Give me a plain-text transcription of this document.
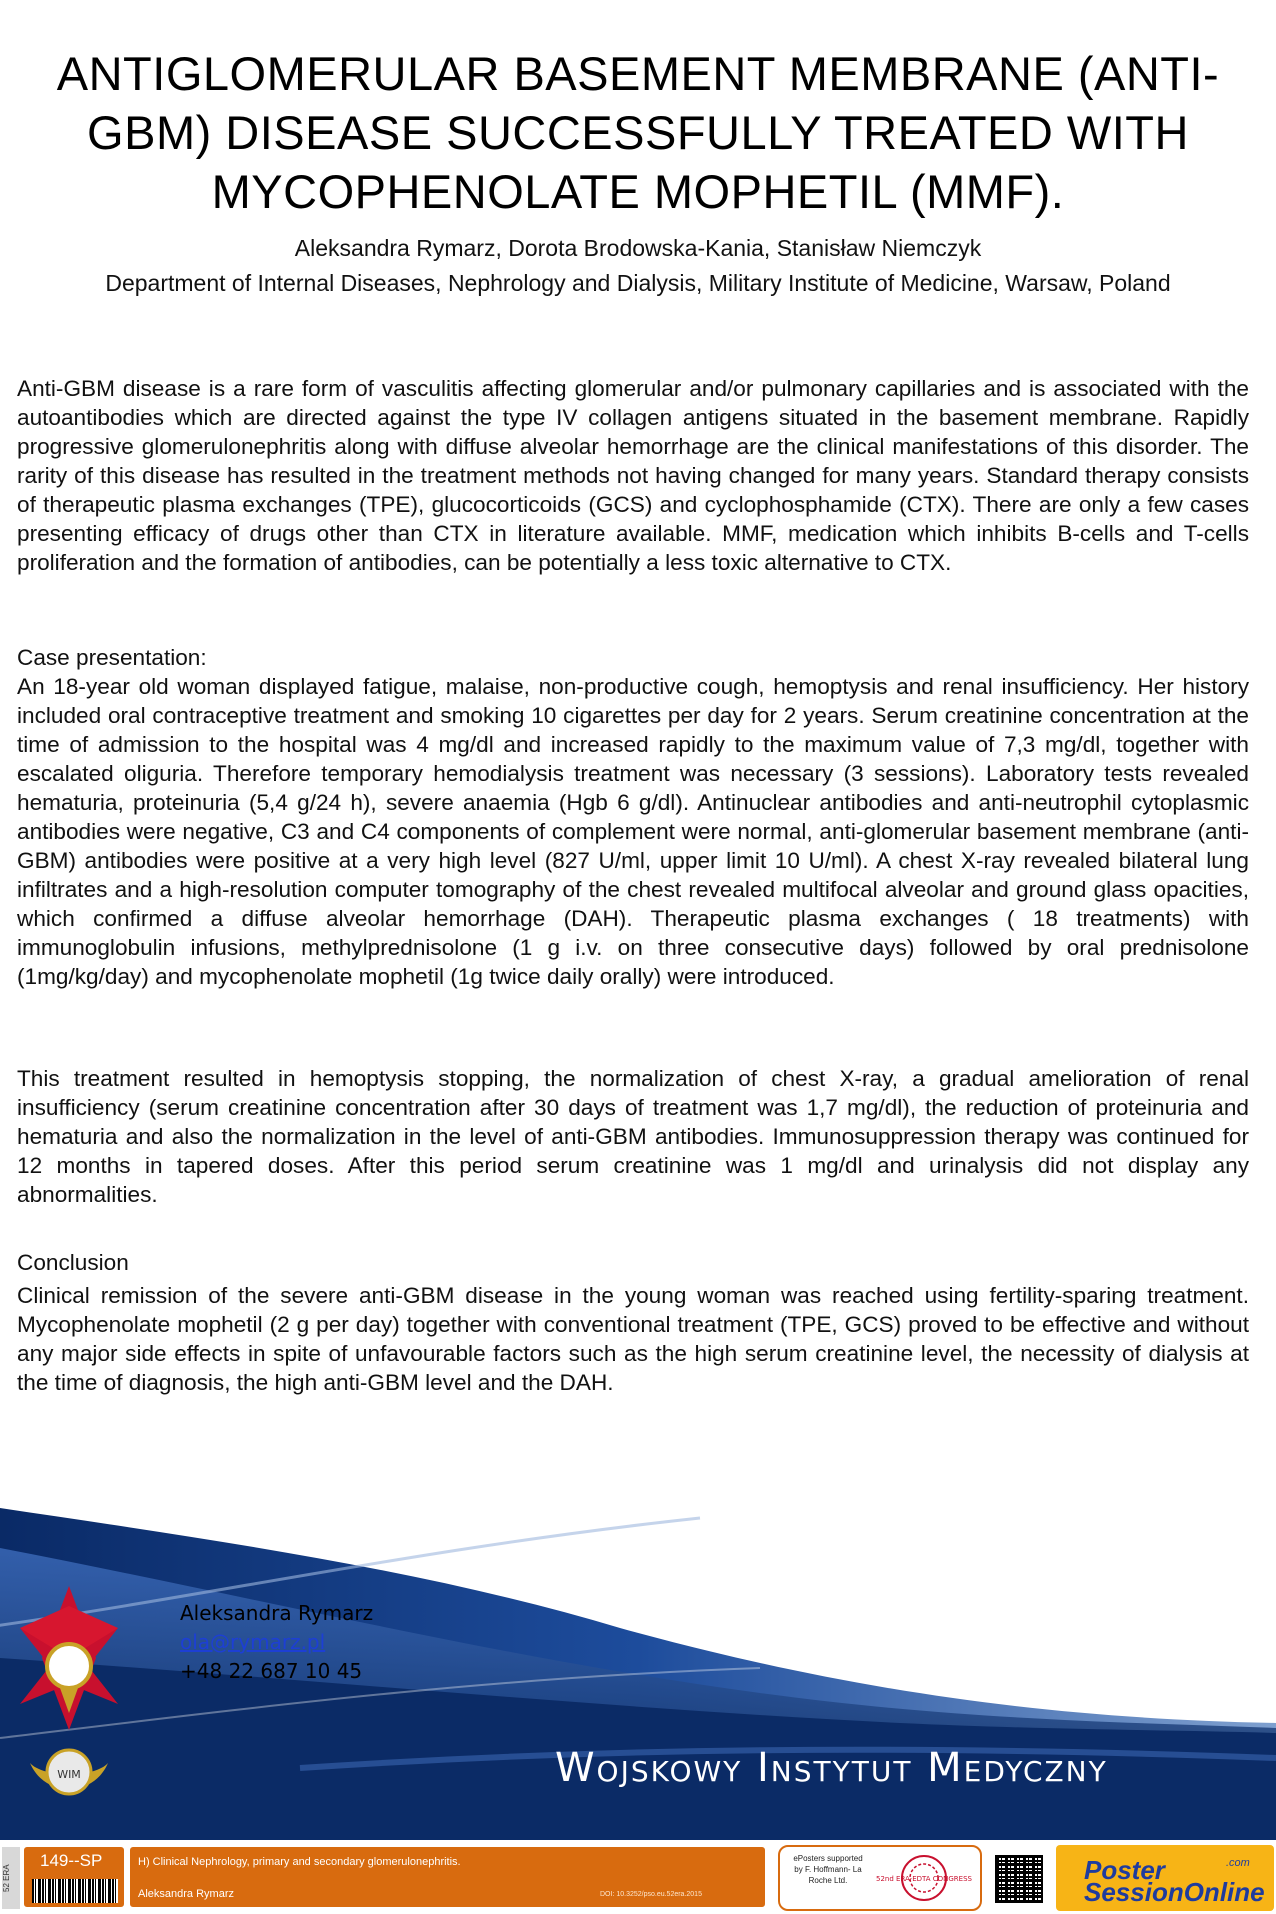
ANTIGLOMERULAR BASEMENT MEMBRANE (ANTI-GBM) DISEASE SUCCESSFULLY TREATED WITH MYCOPHENOLATE MOPHETIL (MMF).
Aleksandra Rymarz, Dorota Brodowska-Kania, Stanisław Niemczyk
Department of Internal Diseases, Nephrology and Dialysis, Military Institute of Medicine, Warsaw, Poland
Anti-GBM disease is a rare form of vasculitis affecting glomerular and/or pulmonary capillaries and is associated with the autoantibodies which are directed against the type IV collagen antigens situated in the basement membrane. Rapidly progressive glomerulonephritis along with diffuse alveolar hemorrhage are the clinical manifestations of this disorder. The rarity of this disease has resulted in the treatment methods not having changed for many years. Standard therapy consists of therapeutic plasma exchanges (TPE), glucocorticoids (GCS) and cyclophosphamide (CTX). There are only a few cases presenting efficacy of drugs other than CTX in literature available. MMF, medication which inhibits B-cells and T-cells proliferation and the formation of antibodies, can be potentially a less toxic alternative to CTX.
Case presentation:
An 18-year old woman displayed fatigue, malaise, non-productive cough, hemoptysis and renal insufficiency. Her history included oral contraceptive treatment and smoking 10 cigarettes per day for 2 years. Serum creatinine concentration at the time of admission to the hospital was 4 mg/dl and increased rapidly to the maximum value of 7,3 mg/dl, together with escalated oliguria. Therefore temporary hemodialysis treatment was necessary (3 sessions). Laboratory tests revealed hematuria, proteinuria (5,4 g/24 h), severe anaemia (Hgb 6 g/dl). Antinuclear antibodies and anti-neutrophil cytoplasmic antibodies were negative, C3 and C4 components of complement were normal, anti-glomerular basement membrane (anti-GBM) antibodies were positive at a very high level (827 U/ml, upper limit 10 U/ml). A chest X-ray revealed bilateral lung infiltrates and a high-resolution computer tomography of the chest revealed multifocal alveolar and ground glass opacities, which confirmed a diffuse alveolar hemorrhage (DAH). Therapeutic plasma exchanges ( 18 treatments) with immunoglobulin infusions, methylprednisolone (1 g i.v. on three consecutive days) followed by oral prednisolone (1mg/kg/day) and mycophenolate mophetil (1g twice daily orally) were introduced.
This treatment resulted in hemoptysis stopping, the normalization of chest X-ray, a gradual amelioration of renal insufficiency (serum creatinine concentration after 30 days of treatment was 1,7 mg/dl), the reduction of proteinuria and hematuria and also the normalization in the level of anti-GBM antibodies. Immunosuppression therapy was continued for 12 months in tapered doses. After this period serum creatinine was 1 mg/dl and urinalysis did not display any abnormalities.
Conclusion
Clinical remission of the severe anti-GBM disease in the young woman was reached using fertility-sparing treatment. Mycophenolate mophetil (2 g per day) together with conventional treatment (TPE, GCS) proved to be effective and without any major side effects in spite of unfavourable factors such as the high serum creatinine level, the necessity of dialysis at the time of diagnosis, the high anti-GBM level and the DAH.
WIM
Aleksandra Rymarz
ola@rymarz.pl
+48 22 687 10 45
Wojskowy Instytut Medyczny
52 ERA
149--SP	H) Clinical Nephrology, primary and secondary glomerulonephritis.
Aleksandra Rymarz	DOI: 10.3252/pso.eu.52era.2015
ePosters supported by F. Hoffmann- La Roche Ltd.	52nd ERA-EDTA CONGRESS	Poster
SessionOnline
.com
